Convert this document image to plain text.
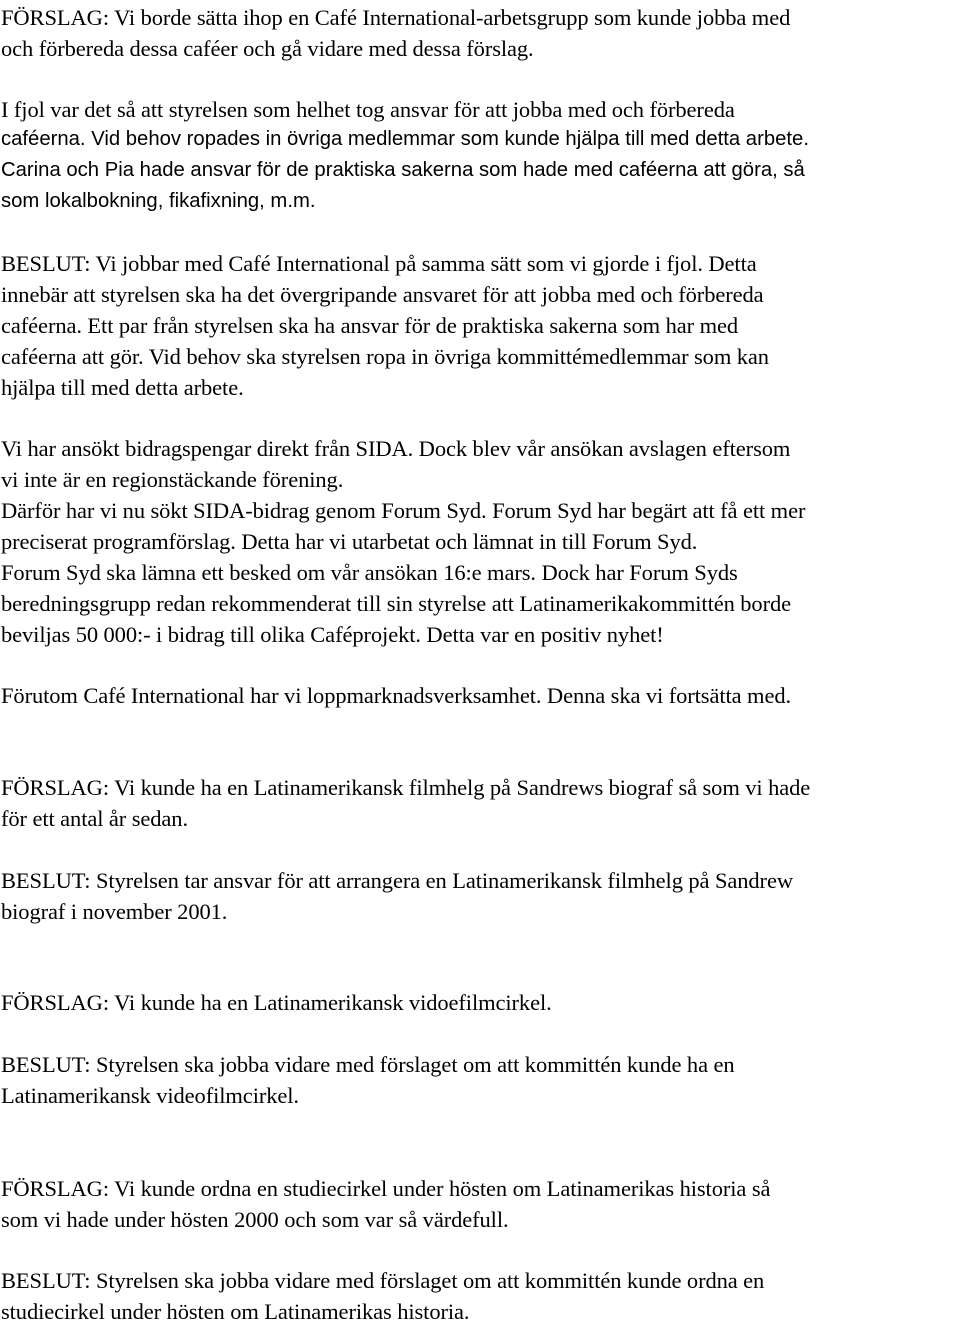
FÖRSLAG: Vi borde sätta ihop en Café International-arbetsgrupp som kunde jobba med
och förbereda dessa caféer och gå vidare med dessa förslag.
I fjol var det så att styrelsen som helhet tog ansvar för att jobba med och förbereda
caféerna. Vid behov ropades in övriga medlemmar som kunde hjälpa till med detta arbete.
Carina och Pia hade ansvar för de praktiska sakerna som hade med caféerna att göra, så
som lokalbokning, fikafixning, m.m.
BESLUT: Vi jobbar med Café International på samma sätt som vi gjorde i fjol. Detta
innebär att styrelsen ska ha det övergripande ansvaret för att jobba med och förbereda
caféerna. Ett par från styrelsen ska ha ansvar för de praktiska sakerna som har med
caféerna att gör. Vid behov ska styrelsen ropa in övriga kommittémedlemmar som kan
hjälpa till med detta arbete.
Vi har ansökt bidragspengar direkt från SIDA. Dock blev vår ansökan avslagen eftersom
vi inte är en regionstäckande förening.
Därför har vi nu sökt SIDA-bidrag genom Forum Syd. Forum Syd har begärt att få ett mer
preciserat programförslag. Detta har vi utarbetat och lämnat in till Forum Syd.
Forum Syd ska lämna ett besked om vår ansökan 16:e mars. Dock har Forum Syds
beredningsgrupp redan rekommenderat till sin styrelse att Latinamerikakommittén borde
beviljas 50 000:- i bidrag till olika Caféprojekt. Detta var en positiv nyhet!
Förutom Café International har vi loppmarknadsverksamhet. Denna ska vi fortsätta med.
FÖRSLAG: Vi kunde ha en Latinamerikansk filmhelg på Sandrews biograf så som vi hade
för ett antal år sedan.
BESLUT: Styrelsen tar ansvar för att arrangera en Latinamerikansk filmhelg på Sandrew
biograf i november 2001.
FÖRSLAG: Vi kunde ha en Latinamerikansk vidoefilmcirkel.
BESLUT: Styrelsen ska jobba vidare med förslaget om att kommittén kunde ha en
Latinamerikansk videofilmcirkel.
FÖRSLAG: Vi kunde ordna en studiecirkel under hösten om Latinamerikas historia så
som vi hade under hösten 2000 och som var så värdefull.
BESLUT: Styrelsen ska jobba vidare med förslaget om att kommittén kunde ordna en
studiecirkel under hösten om Latinamerikas historia.
